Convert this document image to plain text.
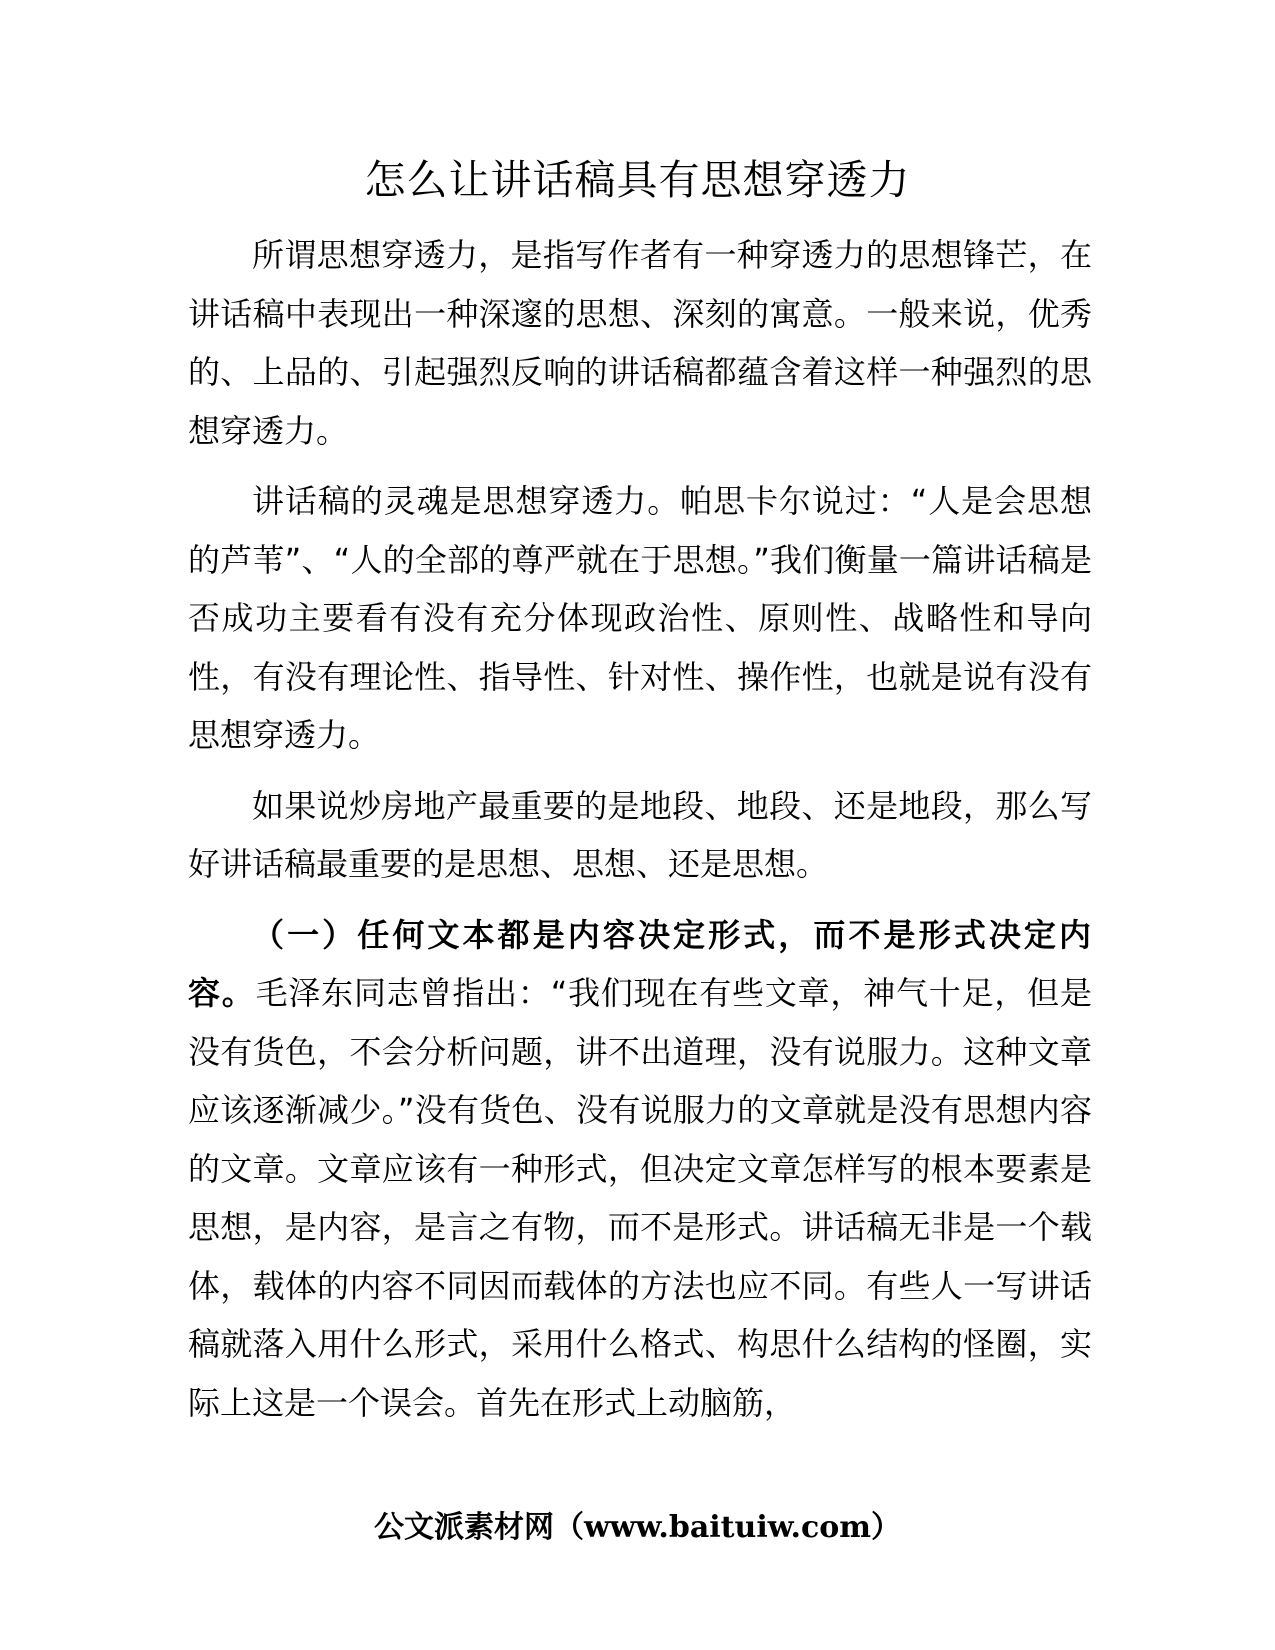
怎么让讲话稿具有思想穿透力

所谓思想穿透力，是指写作者有一种穿透力的思想锋芒，在讲话稿中表现出一种深邃的思想、深刻的寓意。一般来说，优秀的、上品的、引起强烈反响的讲话稿都蕴含着这样一种强烈的思想穿透力。

讲话稿的灵魂是思想穿透力。帕思卡尔说过：“人是会思想的芦苇”、“人的全部的尊严就在于思想。”我们衡量一篇讲话稿是否成功主要看有没有充分体现政治性、原则性、战略性和导向性，有没有理论性、指导性、针对性、操作性，也就是说有没有思想穿透力。

如果说炒房地产最重要的是地段、地段、还是地段，那么写好讲话稿最重要的是思想、思想、还是思想。

（一）任何文本都是内容决定形式，而不是形式决定内容。毛泽东同志曾指出：“我们现在有些文章，神气十足，但是没有货色，不会分析问题，讲不出道理，没有说服力。这种文章应该逐渐减少。”没有货色、没有说服力的文章就是没有思想内容的文章。文章应该有一种形式，但决定文章怎样写的根本要素是思想，是内容，是言之有物，而不是形式。讲话稿无非是一个载体，载体的内容不同因而载体的方法也应不同。有些人一写讲话稿就落入用什么形式，采用什么格式、构思什么结构的怪圈，实际上这是一个误会。首先在形式上动脑筋，

公文派素材网（www.baituiw.com）
